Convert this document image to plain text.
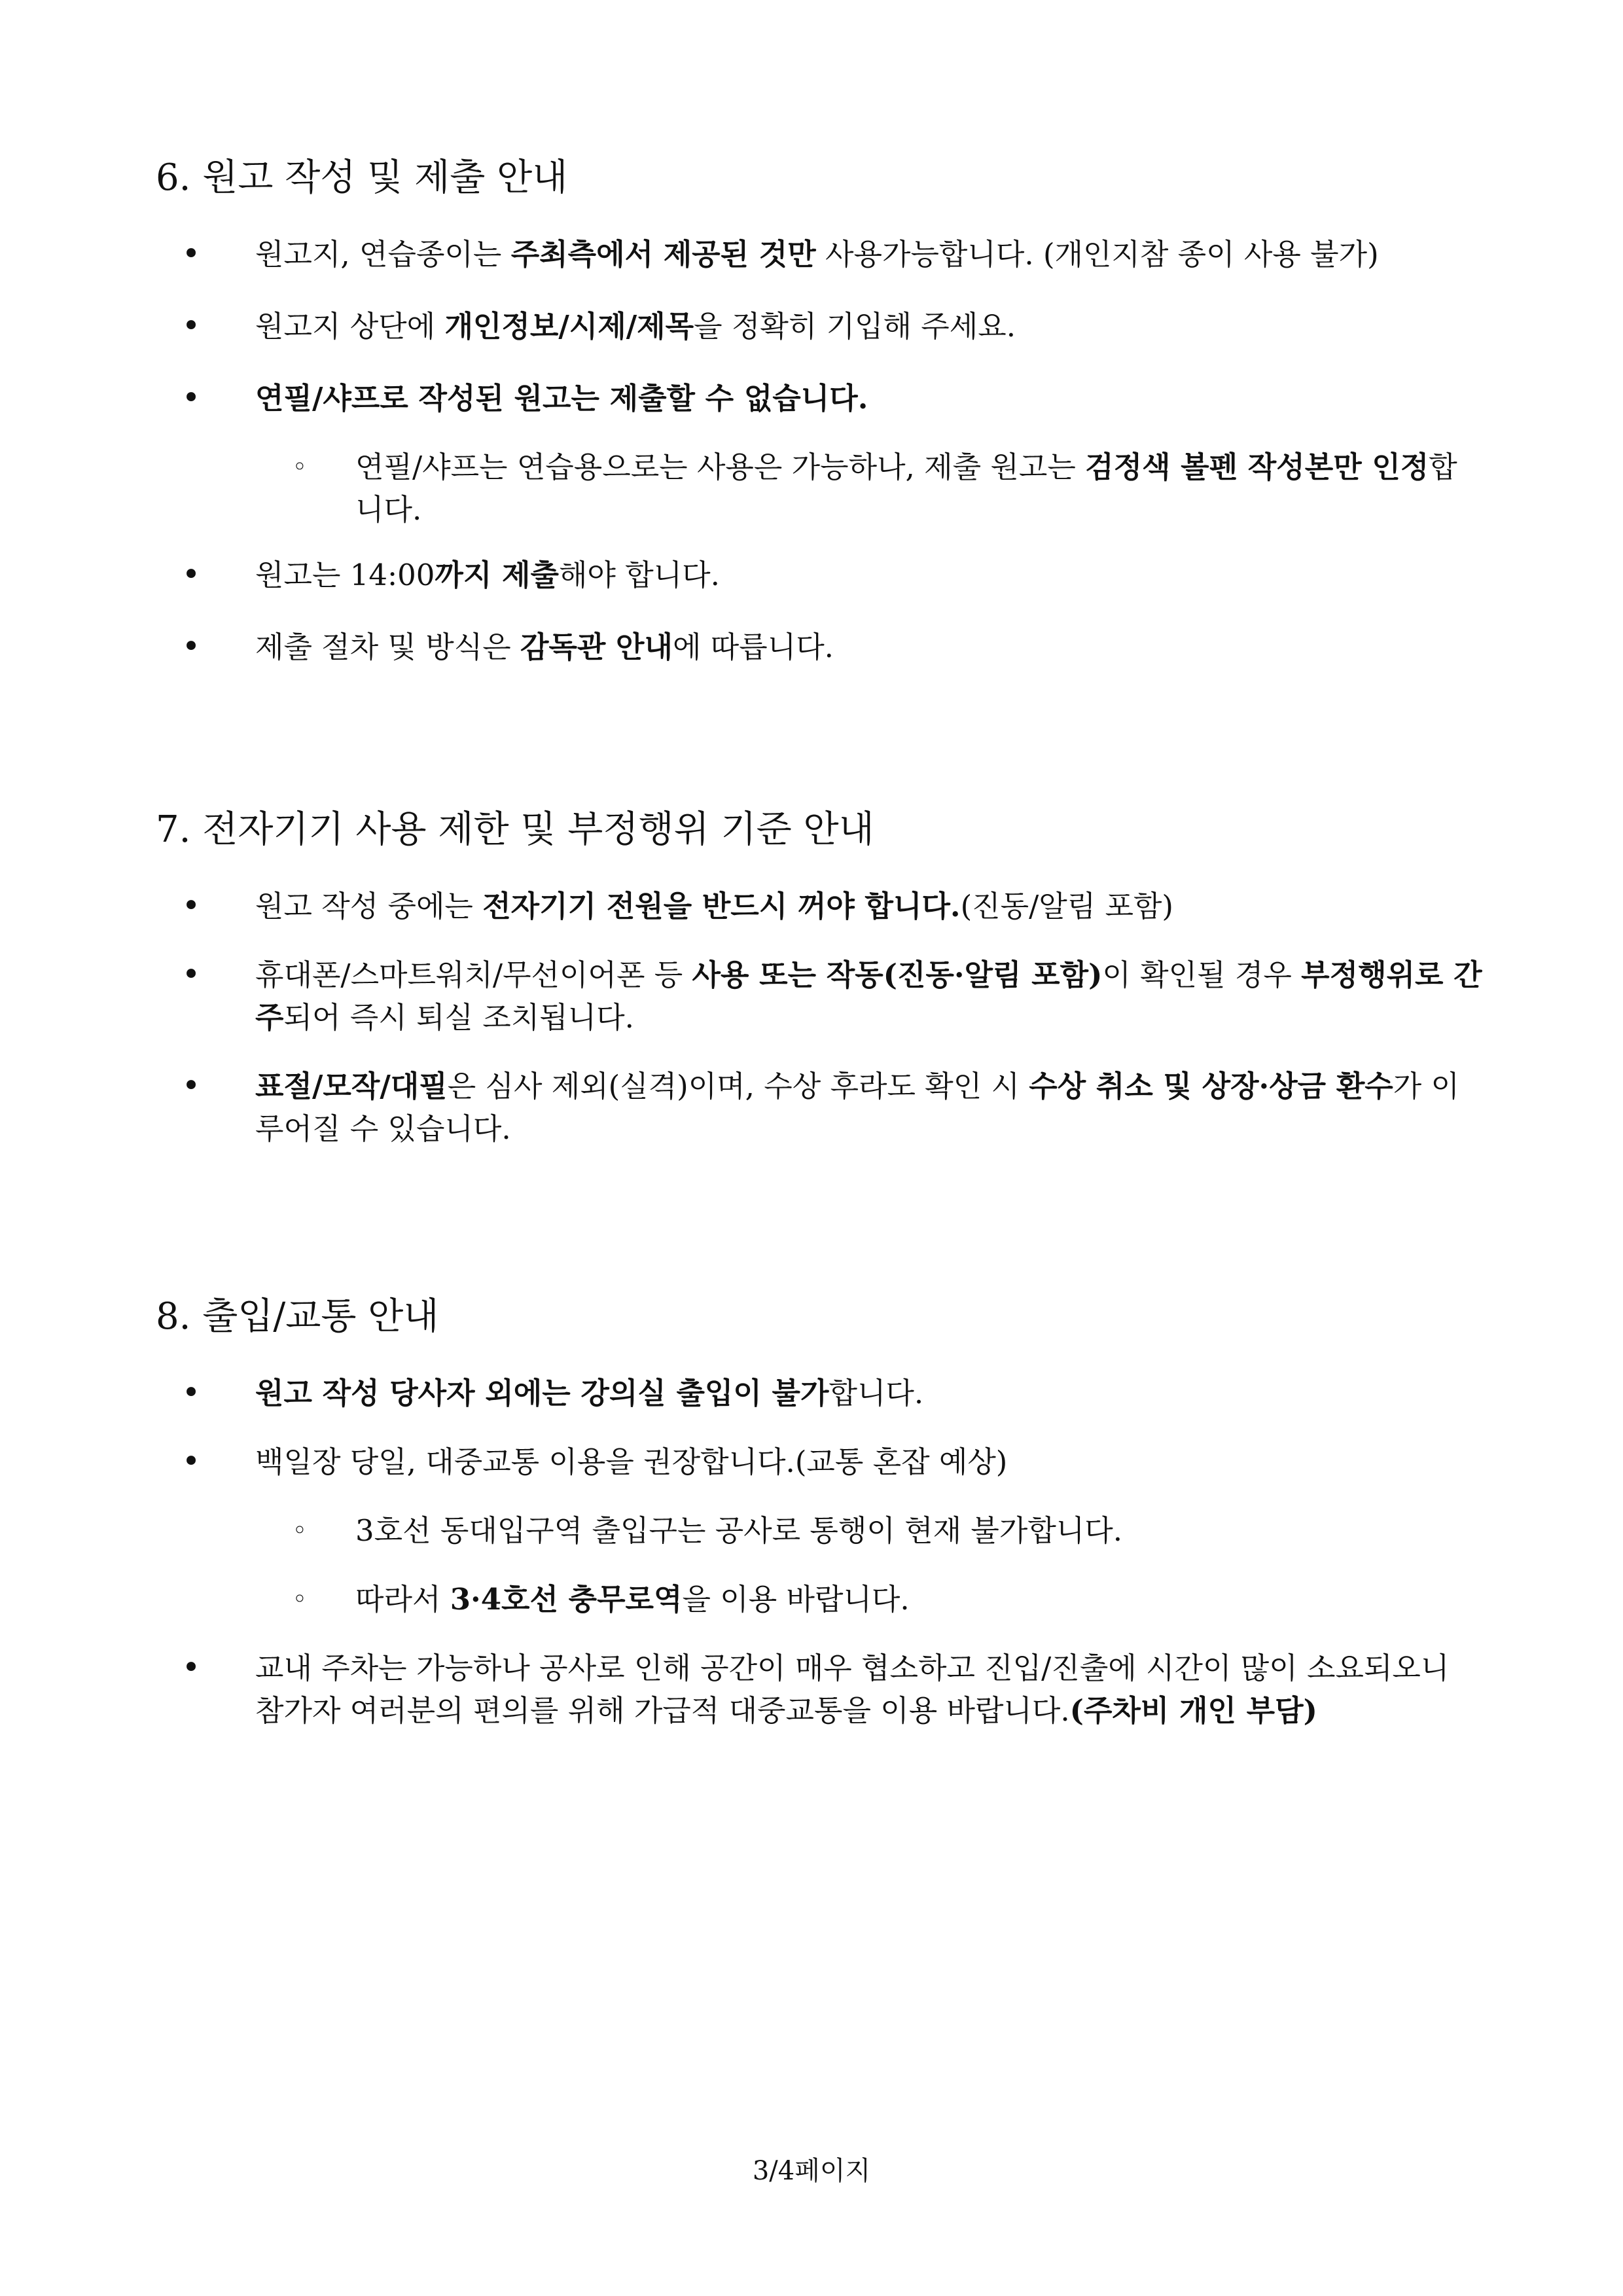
6. 원고 작성 및 제출 안내
• 원고지, 연습종이는 주최측에서 제공된 것만 사용가능합니다. (개인지참 종이 사용 불가)
• 원고지 상단에 개인정보/시제/제목을 정확히 기입해 주세요.
• 연필/샤프로 작성된 원고는 제출할 수 없습니다.
◦ 연필/샤프는 연습용으로는 사용은 가능하나, 제출 원고는 검정색 볼펜 작성본만 인정합니다.
• 원고는 14:00까지 제출해야 합니다.
• 제출 절차 및 방식은 감독관 안내에 따릅니다.
7. 전자기기 사용 제한 및 부정행위 기준 안내
• 원고 작성 중에는 전자기기 전원을 반드시 꺼야 합니다.(진동/알림 포함)
• 휴대폰/스마트워치/무선이어폰 등 사용 또는 작동(진동·알림 포함)이 확인될 경우 부정행위로 간주되어 즉시 퇴실 조치됩니다.
• 표절/모작/대필은 심사 제외(실격)이며, 수상 후라도 확인 시 수상 취소 및 상장·상금 환수가 이루어질 수 있습니다.
8. 출입/교통 안내
• 원고 작성 당사자 외에는 강의실 출입이 불가합니다.
• 백일장 당일, 대중교통 이용을 권장합니다.(교통 혼잡 예상)
◦ 3호선 동대입구역 출입구는 공사로 통행이 현재 불가합니다.
◦ 따라서 3·4호선 충무로역을 이용 바랍니다.
• 교내 주차는 가능하나 공사로 인해 공간이 매우 협소하고 진입/진출에 시간이 많이 소요되오니 참가자 여러분의 편의를 위해 가급적 대중교통을 이용 바랍니다.(주차비 개인 부담)
3/4페이지
